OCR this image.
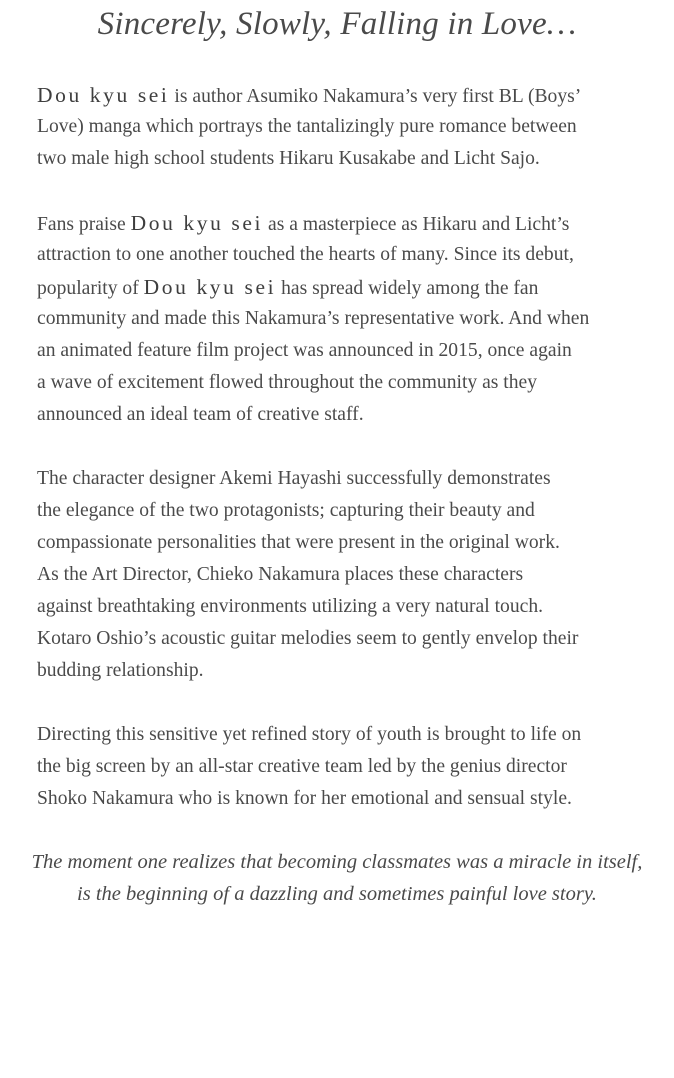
Sincerely, Slowly, Falling in Love…

Dou kyu sei is author Asumiko Nakamura’s very first BL (Boys’
Love) manga which portrays the tantalizingly pure romance between
two male high school students Hikaru Kusakabe and Licht Sajo.

Fans praise Dou kyu sei as a masterpiece as Hikaru and Licht’s
attraction to one another touched the hearts of many. Since its debut,
popularity of Dou kyu sei has spread widely among the fan
community and made this Nakamura’s representative work. And when
an animated feature film project was announced in 2015, once again
a wave of excitement flowed throughout the community as they
announced an ideal team of creative staff.

The character designer Akemi Hayashi successfully demonstrates
the elegance of the two protagonists; capturing their beauty and
compassionate personalities that were present in the original work.
As the Art Director, Chieko Nakamura places these characters
against breathtaking environments utilizing a very natural touch.
Kotaro Oshio’s acoustic guitar melodies seem to gently envelop their
budding relationship.

Directing this sensitive yet refined story of youth is brought to life on
the big screen by an all-star creative team led by the genius director
Shoko Nakamura who is known for her emotional and sensual style.

The moment one realizes that becoming classmates was a miracle in itself,
is the beginning of a dazzling and sometimes painful love story.
